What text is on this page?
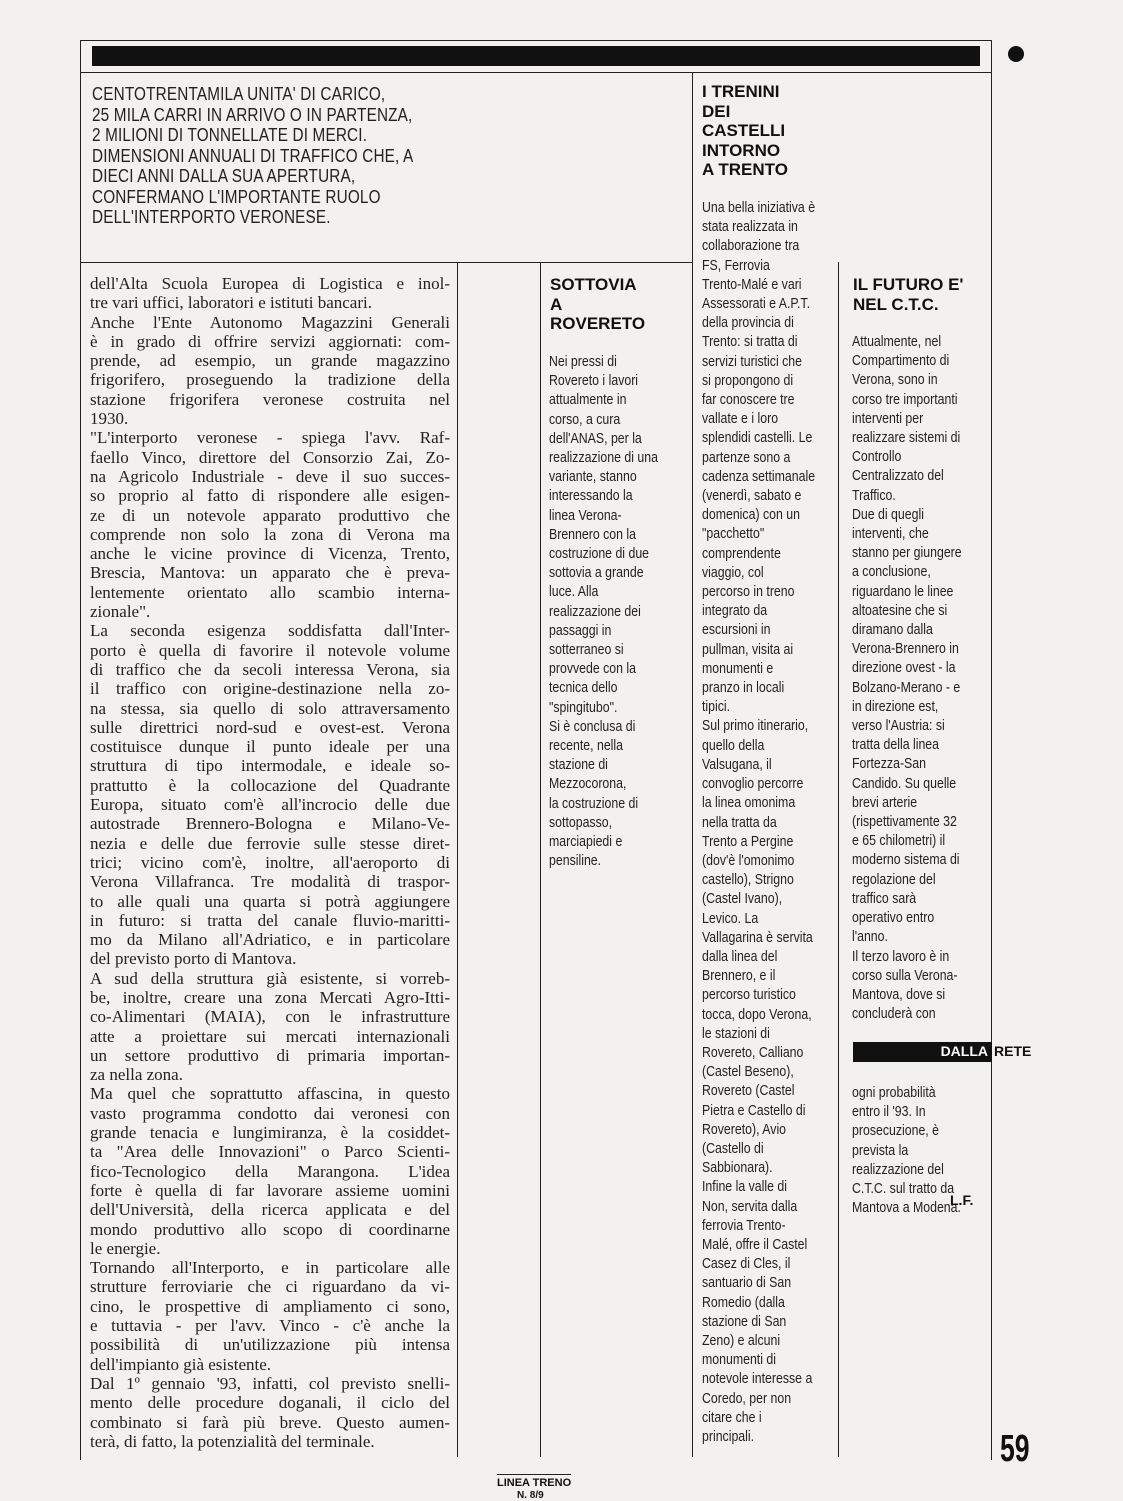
CENTOTRENTAMILA UNITA' DI CARICO,
25 MILA CARRI IN ARRIVO O IN PARTENZA,
2 MILIONI DI TONNELLATE DI MERCI.
DIMENSIONI ANNUALI DI TRAFFICO CHE, A
DIECI ANNI DALLA SUA APERTURA,
CONFERMANO L'IMPORTANTE RUOLO
DELL'INTERPORTO VERONESE.
dell'Alta Scuola Europea di Logistica e inol-
tre vari uffici, laboratori e istituti bancari.
Anche l'Ente Autonomo Magazzini Generali
è in grado di offrire servizi aggiornati: com-
prende, ad esempio, un grande magazzino
frigorifero, proseguendo la tradizione della
stazione frigorifera veronese costruita nel
1930.
"L'interporto veronese - spiega l'avv. Raf-
faello Vinco, direttore del Consorzio Zai, Zo-
na Agricolo Industriale - deve il suo succes-
so proprio al fatto di rispondere alle esigen-
ze di un notevole apparato produttivo che
comprende non solo la zona di Verona ma
anche le vicine province di Vicenza, Trento,
Brescia, Mantova: un apparato che è preva-
lentemente orientato allo scambio interna-
zionale".
La seconda esigenza soddisfatta dall'Inter-
porto è quella di favorire il notevole volume
di traffico che da secoli interessa Verona, sia
il traffico con origine-destinazione nella zo-
na stessa, sia quello di solo attraversamento
sulle direttrici nord-sud e ovest-est. Verona
costituisce dunque il punto ideale per una
struttura di tipo intermodale, e ideale so-
prattutto è la collocazione del Quadrante
Europa, situato com'è all'incrocio delle due
autostrade Brennero-Bologna e Milano-Ve-
nezia e delle due ferrovie sulle stesse diret-
trici; vicino com'è, inoltre, all'aeroporto di
Verona Villafranca. Tre modalità di traspor-
to alle quali una quarta si potrà aggiungere
in futuro: si tratta del canale fluvio-maritti-
mo da Milano all'Adriatico, e in particolare
del previsto porto di Mantova.
A sud della struttura già esistente, si vorreb-
be, inoltre, creare una zona Mercati Agro-Itti-
co-Alimentari (MAIA), con le infrastrutture
atte a proiettare sui mercati internazionali
un settore produttivo di primaria importan-
za nella zona.
Ma quel che soprattutto affascina, in questo
vasto programma condotto dai veronesi con
grande tenacia e lungimiranza, è la cosiddet-
ta "Area delle Innovazioni" o Parco Scienti-
fico-Tecnologico della Marangona. L'idea
forte è quella di far lavorare assieme uomini
dell'Università, della ricerca applicata e del
mondo produttivo allo scopo di coordinarne
le energie.
Tornando all'Interporto, e in particolare alle
strutture ferroviarie che ci riguardano da vi-
cino, le prospettive di ampliamento ci sono,
e tuttavia - per l'avv. Vinco - c'è anche la
possibilità di un'utilizzazione più intensa
dell'impianto già esistente.
Dal 1º gennaio '93, infatti, col previsto snelli-
mento delle procedure doganali, il ciclo del
combinato si farà più breve. Questo aumen-
terà, di fatto, la potenzialità del terminale.
SOTTOVIA
A
ROVERETO
Nei pressi di
Rovereto i lavori
attualmente in
corso, a cura
dell'ANAS, per la
realizzazione di una
variante, stanno
interessando la
linea Verona-
Brennero con la
costruzione di due
sottovia a grande
luce. Alla
realizzazione dei
passaggi in
sotterraneo si
provvede con la
tecnica dello
"spingitubo".
Si è conclusa di
recente, nella
stazione di
Mezzocorona,
la costruzione di
sottopasso,
marciapiedi e
pensiline.
I TRENINI
DEI
CASTELLI
INTORNO
A TRENTO
Una bella iniziativa è
stata realizzata in
collaborazione tra
FS, Ferrovia
Trento-Malé e vari
Assessorati e A.P.T.
della provincia di
Trento: si tratta di
servizi turistici che
si propongono di
far conoscere tre
vallate e i loro
splendidi castelli. Le
partenze sono a
cadenza settimanale
(venerdì, sabato e
domenica) con un
"pacchetto"
comprendente
viaggio, col
percorso in treno
integrato da
escursioni in
pullman, visita ai
monumenti e
pranzo in locali
tipici.
Sul primo itinerario,
quello della
Valsugana, il
convoglio percorre
la linea omonima
nella tratta da
Trento a Pergine
(dov'è l'omonimo
castello), Strigno
(Castel Ivano),
Levico. La
Vallagarina è servita
dalla linea del
Brennero, e il
percorso turistico
tocca, dopo Verona,
le stazioni di
Rovereto, Calliano
(Castel Beseno),
Rovereto (Castel
Pietra e Castello di
Rovereto), Avio
(Castello di
Sabbionara).
Infine la valle di
Non, servita dalla
ferrovia Trento-
Malé, offre il Castel
Casez di Cles, il
santuario di San
Romedio (dalla
stazione di San
Zeno) e alcuni
monumenti di
notevole interesse a
Coredo, per non
citare che i
principali.
IL FUTURO E'
NEL C.T.C.
Attualmente, nel
Compartimento di
Verona, sono in
corso tre importanti
interventi per
realizzare sistemi di
Controllo
Centralizzato del
Traffico.
Due di quegli
interventi, che
stanno per giungere
a conclusione,
riguardano le linee
altoatesine che si
diramano dalla
Verona-Brennero in
direzione ovest - la
Bolzano-Merano - e
in direzione est,
verso l'Austria: si
tratta della linea
Fortezza-San
Candido. Su quelle
brevi arterie
(rispettivamente 32
e 65 chilometri) il
moderno sistema di
regolazione del
traffico sarà
operativo entro
l'anno.
Il terzo lavoro è in
corso sulla Verona-
Mantova, dove si
concluderà con
DALLA RETE
ogni probabilità
entro il '93. In
prosecuzione, è
prevista la
realizzazione del
C.T.C. sul tratto da
Mantova a Modena.
L.F.
59
LINEA TRENO
N. 8/9
